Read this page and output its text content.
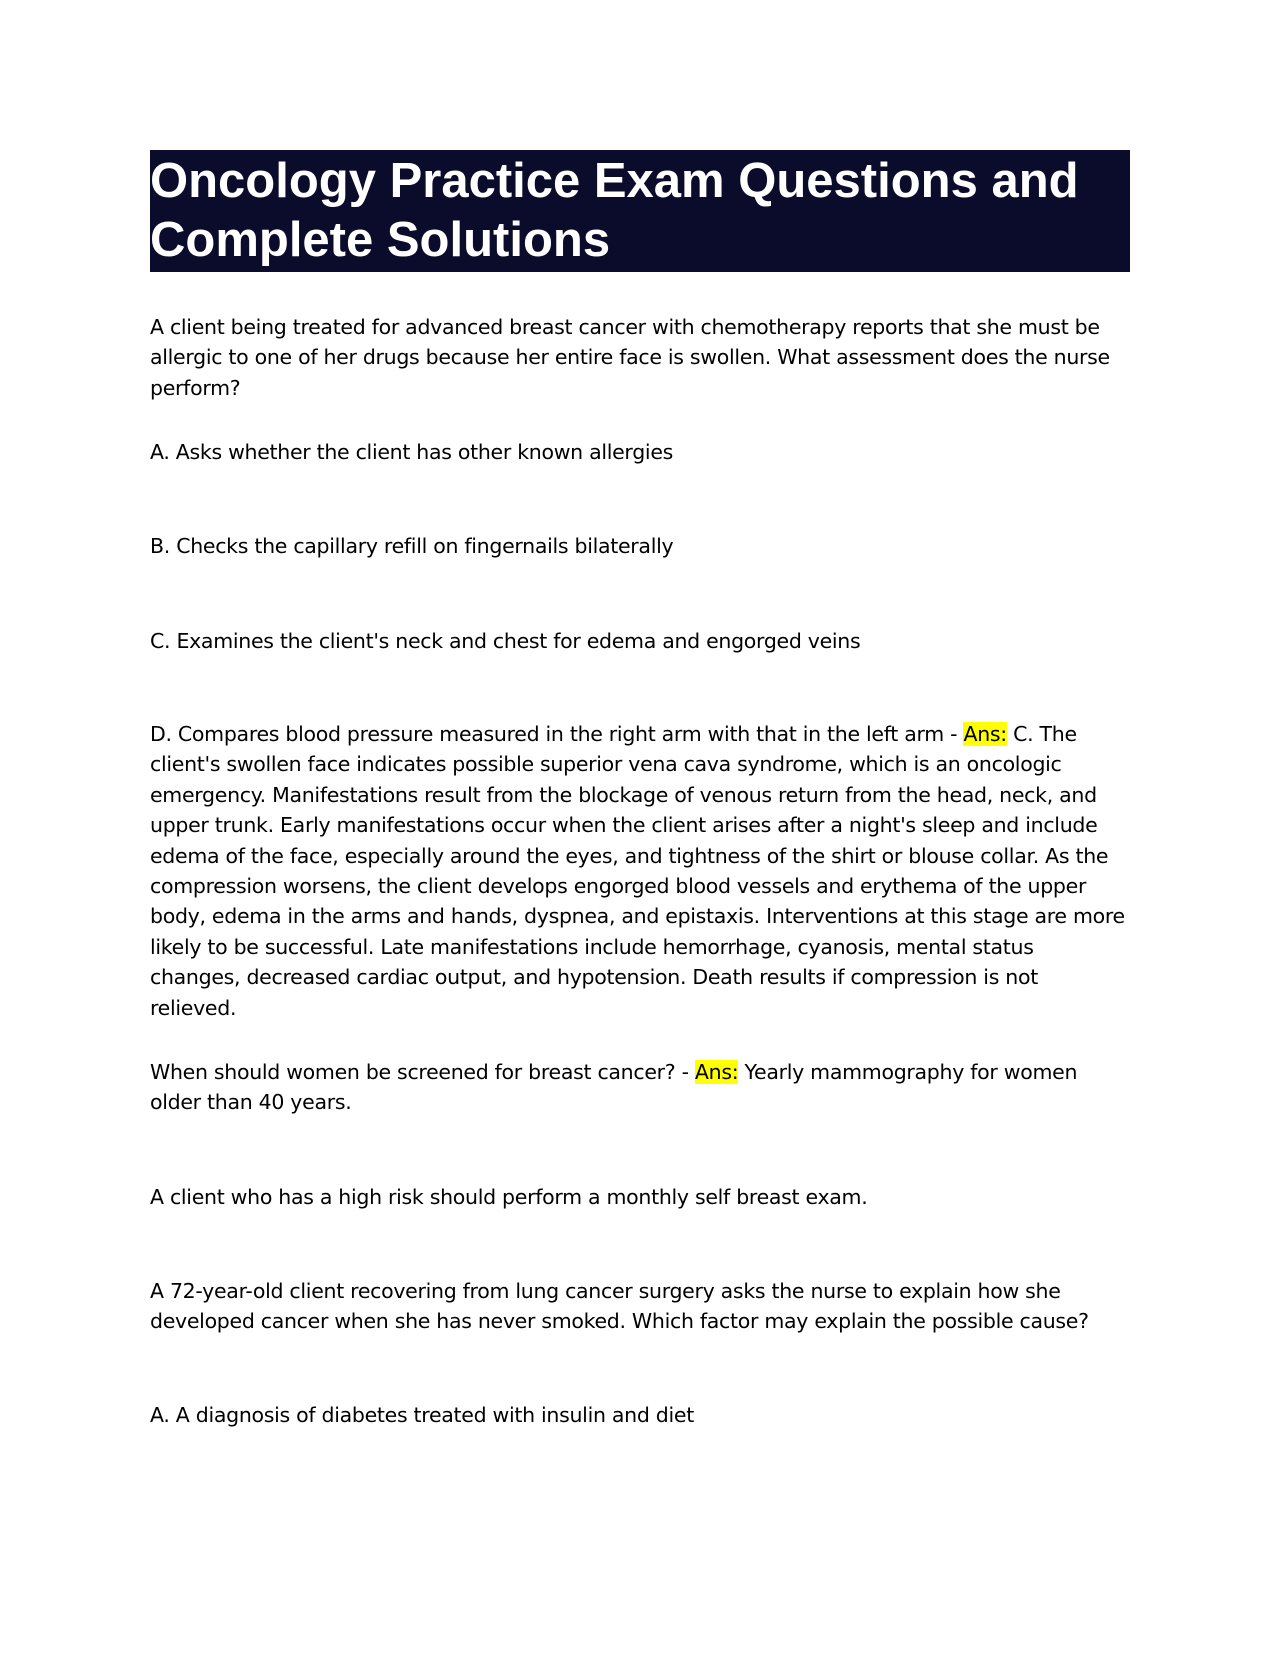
Oncology Practice Exam Questions and Complete Solutions

A client being treated for advanced breast cancer with chemotherapy reports that she must be allergic to one of her drugs because her entire face is swollen. What assessment does the nurse perform?

A. Asks whether the client has other known allergies

B. Checks the capillary refill on fingernails bilaterally

C. Examines the client's neck and chest for edema and engorged veins

D. Compares blood pressure measured in the right arm with that in the left arm - Ans: C. The client's swollen face indicates possible superior vena cava syndrome, which is an oncologic emergency. Manifestations result from the blockage of venous return from the head, neck, and upper trunk. Early manifestations occur when the client arises after a night's sleep and include edema of the face, especially around the eyes, and tightness of the shirt or blouse collar. As the compression worsens, the client develops engorged blood vessels and erythema of the upper body, edema in the arms and hands, dyspnea, and epistaxis. Interventions at this stage are more likely to be successful. Late manifestations include hemorrhage, cyanosis, mental status changes, decreased cardiac output, and hypotension. Death results if compression is not relieved.

When should women be screened for breast cancer? - Ans: Yearly mammography for women older than 40 years.

A client who has a high risk should perform a monthly self breast exam.

A 72-year-old client recovering from lung cancer surgery asks the nurse to explain how she developed cancer when she has never smoked. Which factor may explain the possible cause?

A. A diagnosis of diabetes treated with insulin and diet
